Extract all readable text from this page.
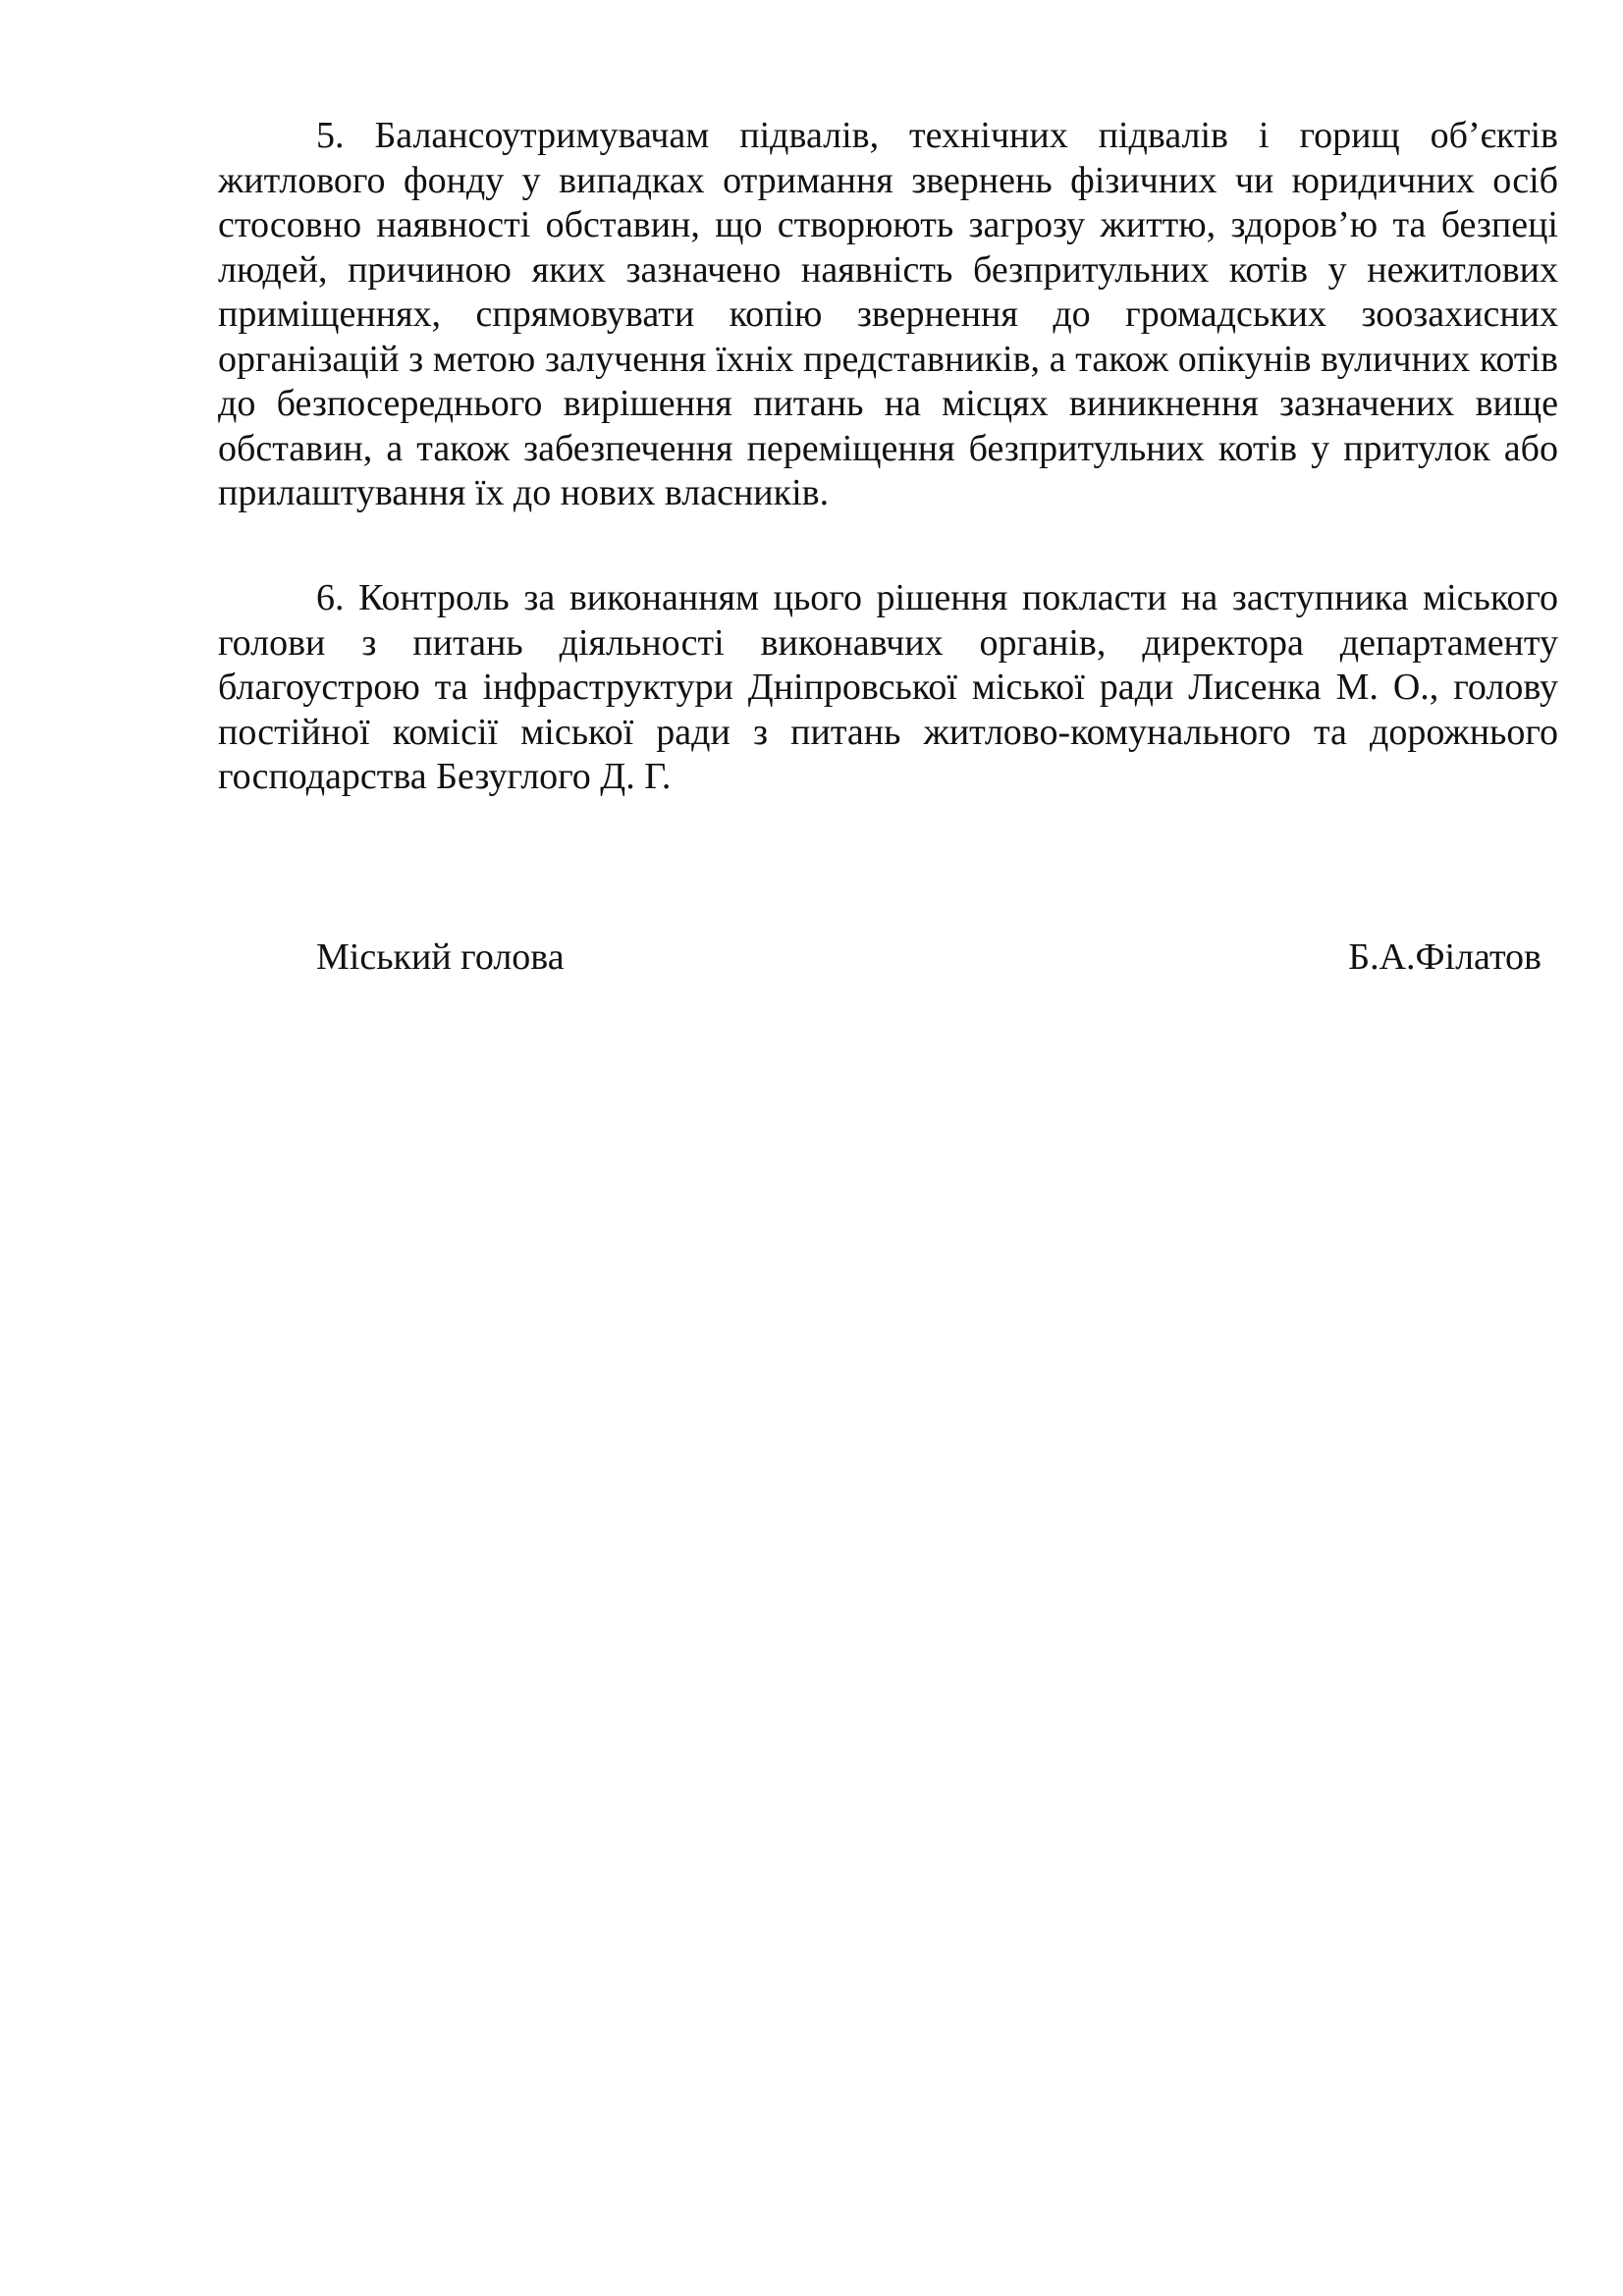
5. Балансоутримувачам підвалів, технічних підвалів і горищ об’єктів житлового фонду у випадках отримання звернень фізичних чи юридичних осіб стосовно наявності обставин, що створюють загрозу життю, здоров’ю та безпеці людей, причиною яких зазначено наявність безпритульних котів у нежитлових приміщеннях, спрямовувати копію звернення до громадських зоозахисних організацій з метою залучення їхніх представників, а також опікунів вуличних котів до безпосереднього вирішення питань на місцях виникнення зазначених вище обставин, а також забезпечення переміщення безпритульних котів у притулок або прилаштування їх до нових власників.

6. Контроль за виконанням цього рішення покласти на заступника міського голови з питань діяльності виконавчих органів, директора департаменту благоустрою та інфраструктури Дніпровської міської ради Лисенка М. О., голову постійної комісії міської ради з питань житлово-комунального та дорожнього господарства Безуглого Д. Г.

Міський голова	Б.А.Філатов
